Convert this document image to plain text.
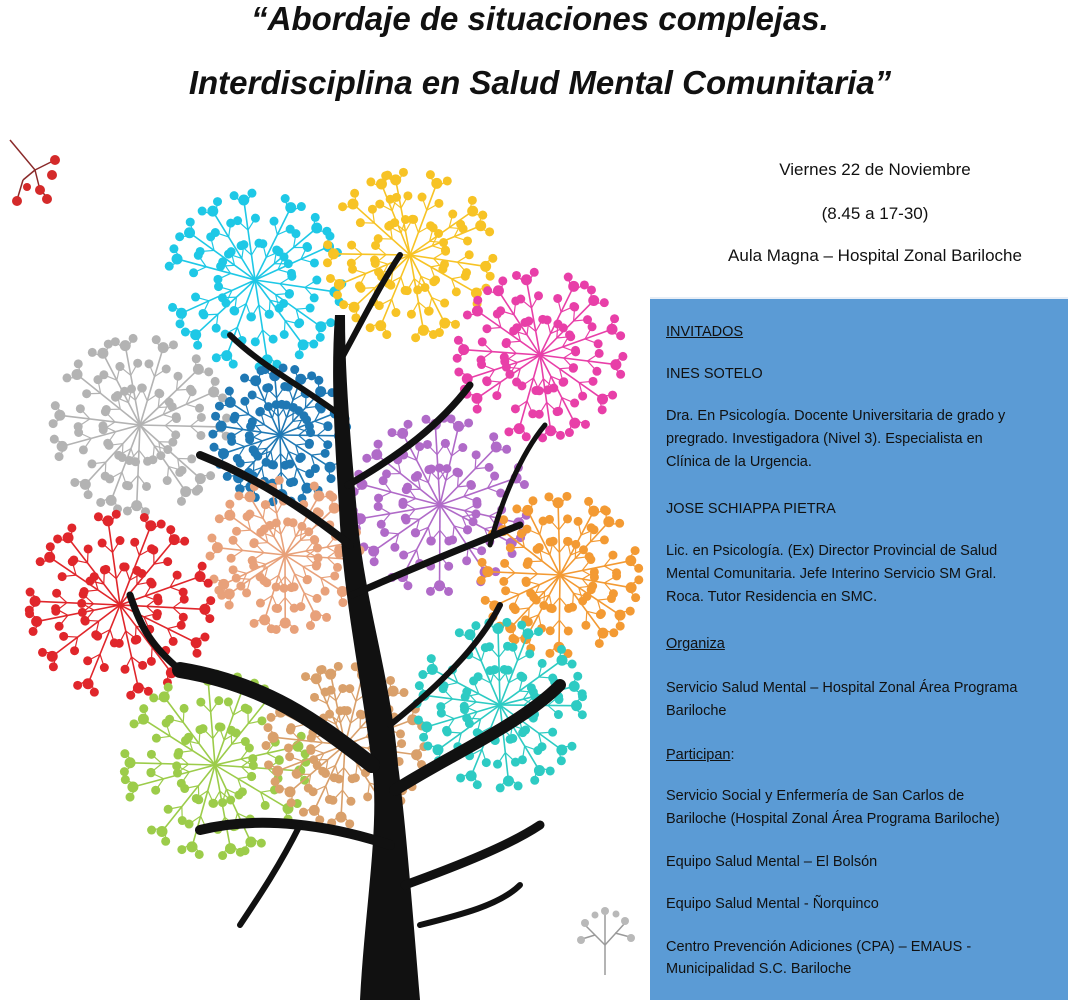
“Abordaje de situaciones complejas.
Interdisciplina en Salud Mental Comunitaria”
Viernes 22 de Noviembre
(8.45 a 17-30)
Aula Magna – Hospital Zonal Bariloche
INVITADOS
INES SOTELO
Dra. En Psicología. Docente Universitaria de grado y
pregrado. Investigadora (Nivel 3). Especialista en
Clínica de la Urgencia.
JOSE SCHIAPPA PIETRA
Lic. en Psicología. (Ex) Director Provincial de Salud
Mental Comunitaria. Jefe Interino Servicio SM Gral.
Roca. Tutor Residencia en SMC.
Organiza
Servicio Salud Mental – Hospital Zonal Área Programa
Bariloche
Participan:
Servicio Social y Enfermería de San Carlos de
Bariloche (Hospital Zonal Área Programa Bariloche)
Equipo Salud Mental – El Bolsón
Equipo Salud Mental - Ñorquinco
Centro Prevención Adiciones (CPA) – EMAUS -
Municipalidad S.C. Bariloche
